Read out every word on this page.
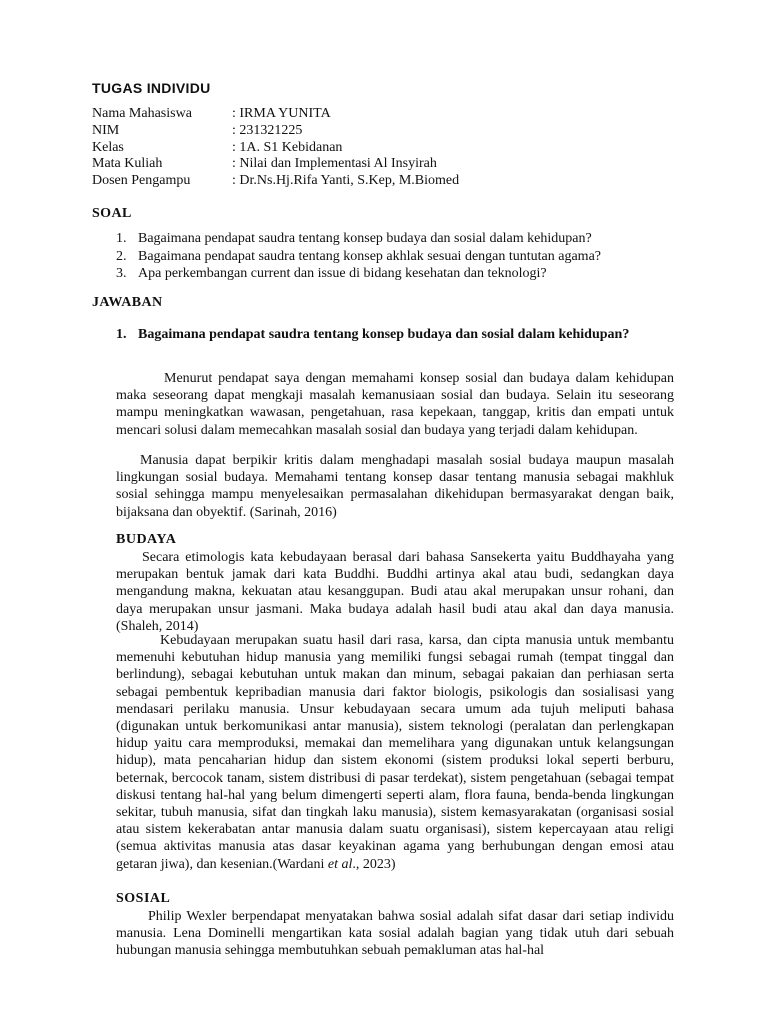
TUGAS INDIVIDU
Nama Mahasiswa	: IRMA YUNITA
NIM	: 231321225
Kelas	: 1A. S1 Kebidanan
Mata Kuliah	: Nilai dan Implementasi Al Insyirah
Dosen Pengampu	: Dr.Ns.Hj.Rifa Yanti, S.Kep, M.Biomed
SOAL
1. Bagaimana pendapat saudra tentang konsep budaya dan sosial dalam kehidupan?
2. Bagaimana pendapat saudra tentang konsep akhlak sesuai dengan tuntutan agama?
3. Apa perkembangan current dan issue di bidang kesehatan dan teknologi?
JAWABAN
1. Bagaimana pendapat saudra tentang konsep budaya dan sosial dalam kehidupan?

Menurut pendapat saya dengan memahami konsep sosial dan budaya dalam kehidupan maka seseorang dapat mengkaji masalah kemanusiaan sosial dan budaya. Selain itu seseorang mampu meningkatkan wawasan, pengetahuan, rasa kepekaan, tanggap, kritis dan empati untuk mencari solusi dalam memecahkan masalah sosial dan budaya yang terjadi dalam kehidupan.

Manusia dapat berpikir kritis dalam menghadapi masalah sosial budaya maupun masalah lingkungan sosial budaya. Memahami tentang konsep dasar tentang manusia sebagai makhluk sosial sehingga mampu menyelesaikan permasalahan dikehidupan bermasyarakat dengan baik, bijaksana dan obyektif. (Sarinah, 2016)

BUDAYA

Secara etimologis kata kebudayaan berasal dari bahasa Sansekerta yaitu Buddhayaha yang merupakan bentuk jamak dari kata Buddhi. Buddhi artinya akal atau budi, sedangkan daya mengandung makna, kekuatan atau kesanggupan. Budi atau akal merupakan unsur rohani, dan daya merupakan unsur jasmani. Maka budaya adalah hasil budi atau akal dan daya manusia.(Shaleh, 2014)

Kebudayaan merupakan suatu hasil dari rasa, karsa, dan cipta manusia untuk membantu memenuhi kebutuhan hidup manusia yang memiliki fungsi sebagai rumah (tempat tinggal dan berlindung), sebagai kebutuhan untuk makan dan minum, sebagai pakaian dan perhiasan serta sebagai pembentuk kepribadian manusia dari faktor biologis, psikologis dan sosialisasi yang mendasari perilaku manusia. Unsur kebudayaan secara umum ada tujuh meliputi bahasa (digunakan untuk berkomunikasi antar manusia), sistem teknologi (peralatan dan perlengkapan hidup yaitu cara memproduksi, memakai dan memelihara yang digunakan untuk kelangsungan hidup), mata pencaharian hidup dan sistem ekonomi (sistem produksi lokal seperti berburu, beternak, bercocok tanam, sistem distribusi di pasar terdekat), sistem pengetahuan (sebagai tempat diskusi tentang hal-hal yang belum dimengerti seperti alam, flora fauna, benda-benda lingkungan sekitar, tubuh manusia, sifat dan tingkah laku manusia), sistem kemasyarakatan (organisasi sosial atau sistem kekerabatan antar manusia dalam suatu organisasi), sistem kepercayaan atau religi (semua aktivitas manusia atas dasar keyakinan agama yang berhubungan dengan emosi atau getaran jiwa), dan kesenian.(Wardani et al., 2023)

SOSIAL

Philip Wexler berpendapat menyatakan bahwa sosial adalah sifat dasar dari setiap individu manusia. Lena Dominelli mengartikan kata sosial adalah bagian yang tidak utuh dari sebuah hubungan manusia sehingga membutuhkan sebuah pemakluman atas hal-hal
